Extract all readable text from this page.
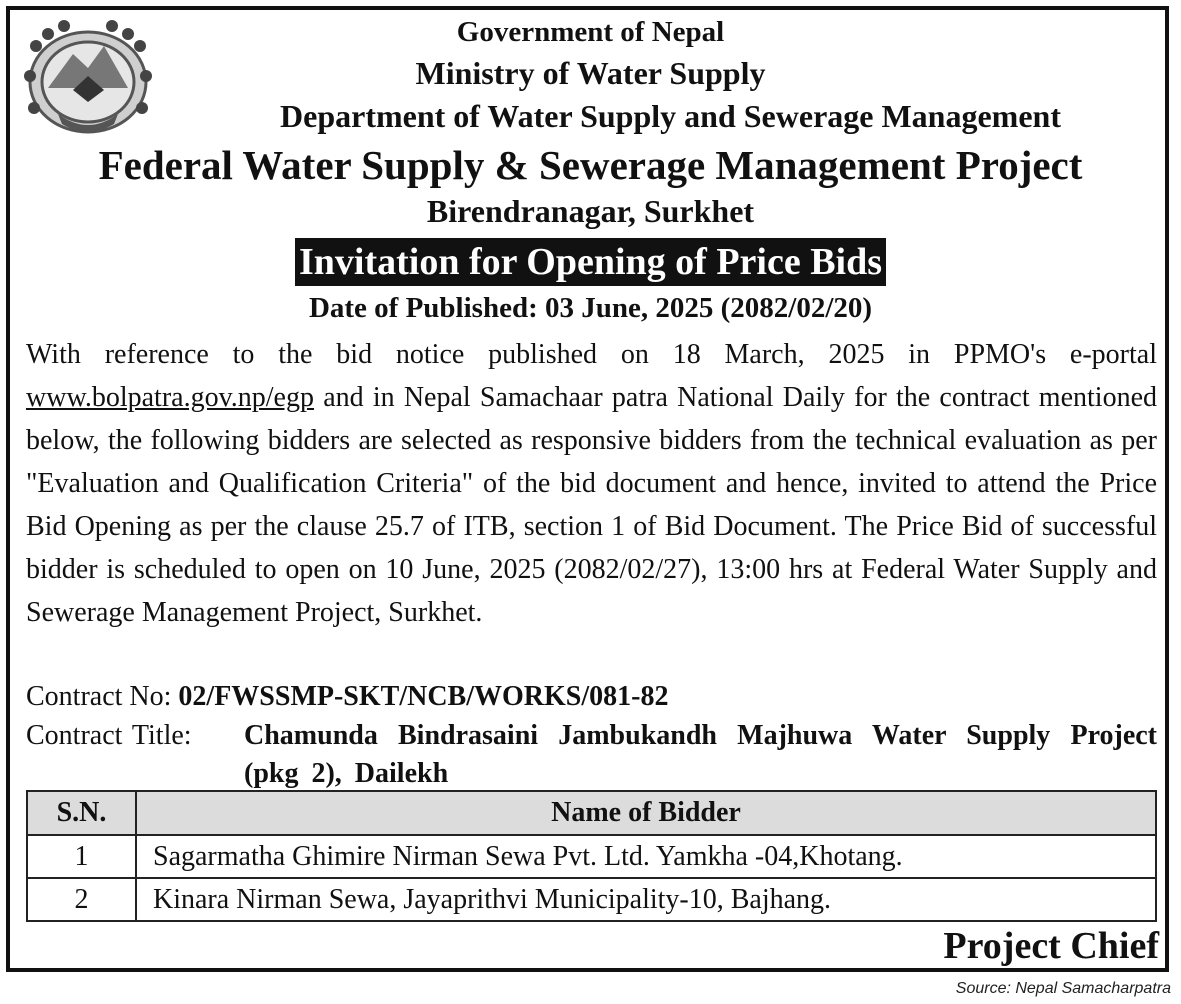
Government of Nepal
Ministry of Water Supply
Department of Water Supply and Sewerage Management
Federal Water Supply & Sewerage Management Project
Birendranagar, Surkhet
Invitation for Opening of Price Bids
Date of Published: 03 June, 2025 (2082/02/20)
With reference to the bid notice published on 18 March, 2025 in PPMO's e-portal www.bolpatra.gov.np/egp and in Nepal Samachaar patra National Daily for the contract mentioned below, the following bidders are selected as responsive bidders from the technical evaluation as per "Evaluation and Qualification Criteria" of the bid document and hence, invited to attend the Price Bid Opening as per the clause 25.7 of ITB, section 1 of Bid Document. The Price Bid of successful bidder is scheduled to open on 10 June, 2025 (2082/02/27), 13:00 hrs at Federal Water Supply and Sewerage Management Project, Surkhet.
Contract No: 02/FWSSMP-SKT/NCB/WORKS/081-82
Contract Title: Chamunda Bindrasaini Jambukandh Majhuwa Water Supply Project (pkg 2), Dailekh
S.N.	Name of Bidder
1	Sagarmatha Ghimire Nirman Sewa Pvt. Ltd. Yamkha -04,Khotang.
2	Kinara Nirman Sewa, Jayaprithvi Municipality-10, Bajhang.
Project Chief
Source: Nepal Samacharpatra
